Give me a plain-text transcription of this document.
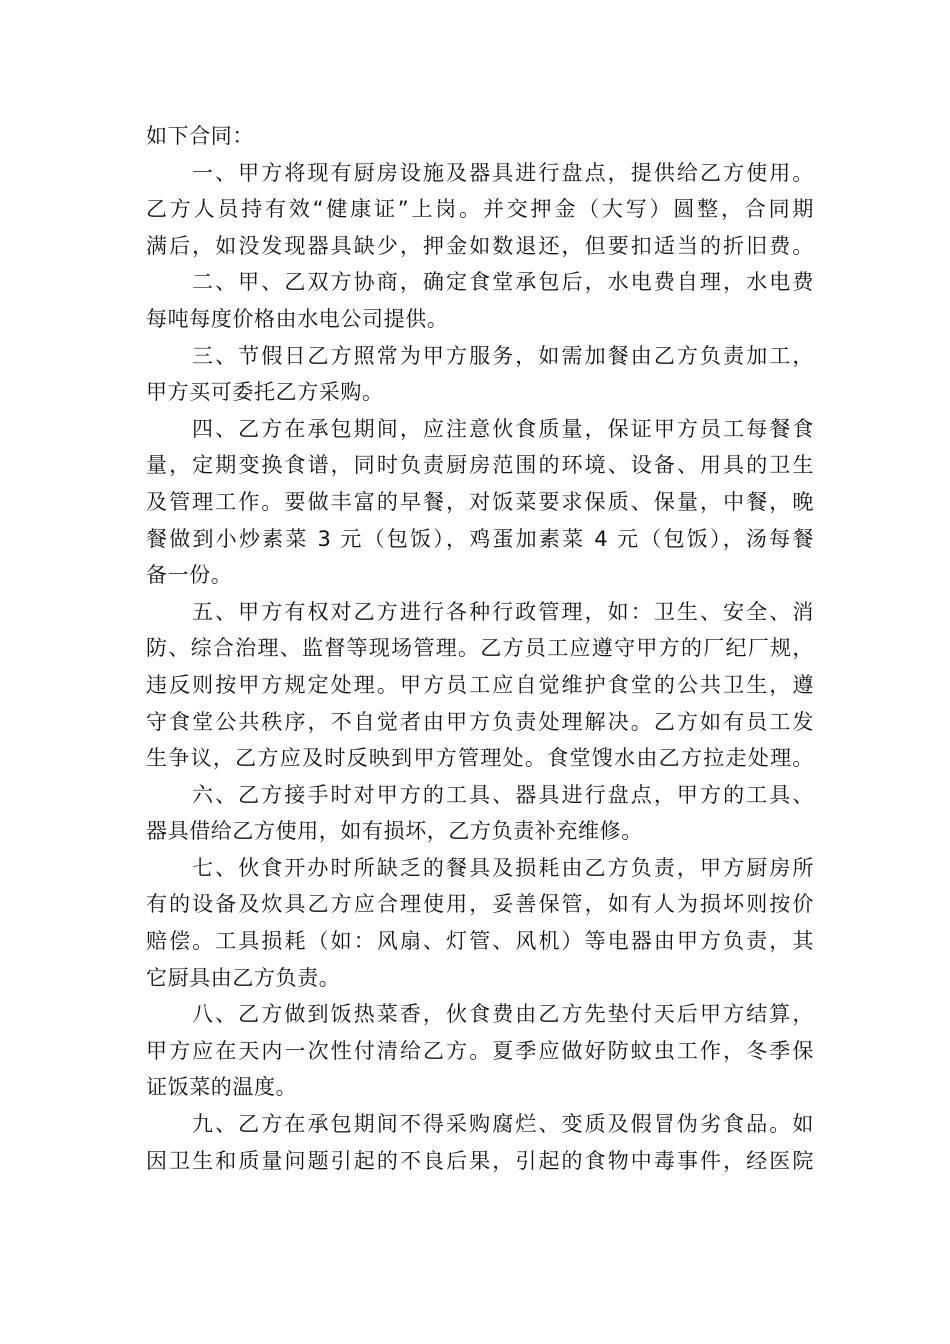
如下合同：
一、甲方将现有厨房设施及器具进行盘点，提供给乙方使用。
乙方人员持有效“健康证”上岗。并交押金（大写）圆整，合同期
满后，如没发现器具缺少，押金如数退还，但要扣适当的折旧费。
二、甲、乙双方协商，确定食堂承包后，水电费自理，水电费
每吨每度价格由水电公司提供。
三、节假日乙方照常为甲方服务，如需加餐由乙方负责加工，
甲方买可委托乙方采购。
四、乙方在承包期间，应注意伙食质量，保证甲方员工每餐食
量，定期变换食谱，同时负责厨房范围的环境、设备、用具的卫生
及管理工作。要做丰富的早餐，对饭菜要求保质、保量，中餐，晚
餐做到小炒素菜 3 元（包饭），鸡蛋加素菜 4 元（包饭），汤每餐
备一份。
五、甲方有权对乙方进行各种行政管理，如：卫生、安全、消
防、综合治理、监督等现场管理。乙方员工应遵守甲方的厂纪厂规，
违反则按甲方规定处理。甲方员工应自觉维护食堂的公共卫生，遵
守食堂公共秩序，不自觉者由甲方负责处理解决。乙方如有员工发
生争议，乙方应及时反映到甲方管理处。食堂馊水由乙方拉走处理。
六、乙方接手时对甲方的工具、器具进行盘点，甲方的工具、
器具借给乙方使用，如有损坏，乙方负责补充维修。
七、伙食开办时所缺乏的餐具及损耗由乙方负责，甲方厨房所
有的设备及炊具乙方应合理使用，妥善保管，如有人为损坏则按价
赔偿。工具损耗（如：风扇、灯管、风机）等电器由甲方负责，其
它厨具由乙方负责。
八、乙方做到饭热菜香，伙食费由乙方先垫付天后甲方结算，
甲方应在天内一次性付清给乙方。夏季应做好防蚊虫工作，冬季保
证饭菜的温度。
九、乙方在承包期间不得采购腐烂、变质及假冒伪劣食品。如
因卫生和质量问题引起的不良后果，引起的食物中毒事件，经医院
